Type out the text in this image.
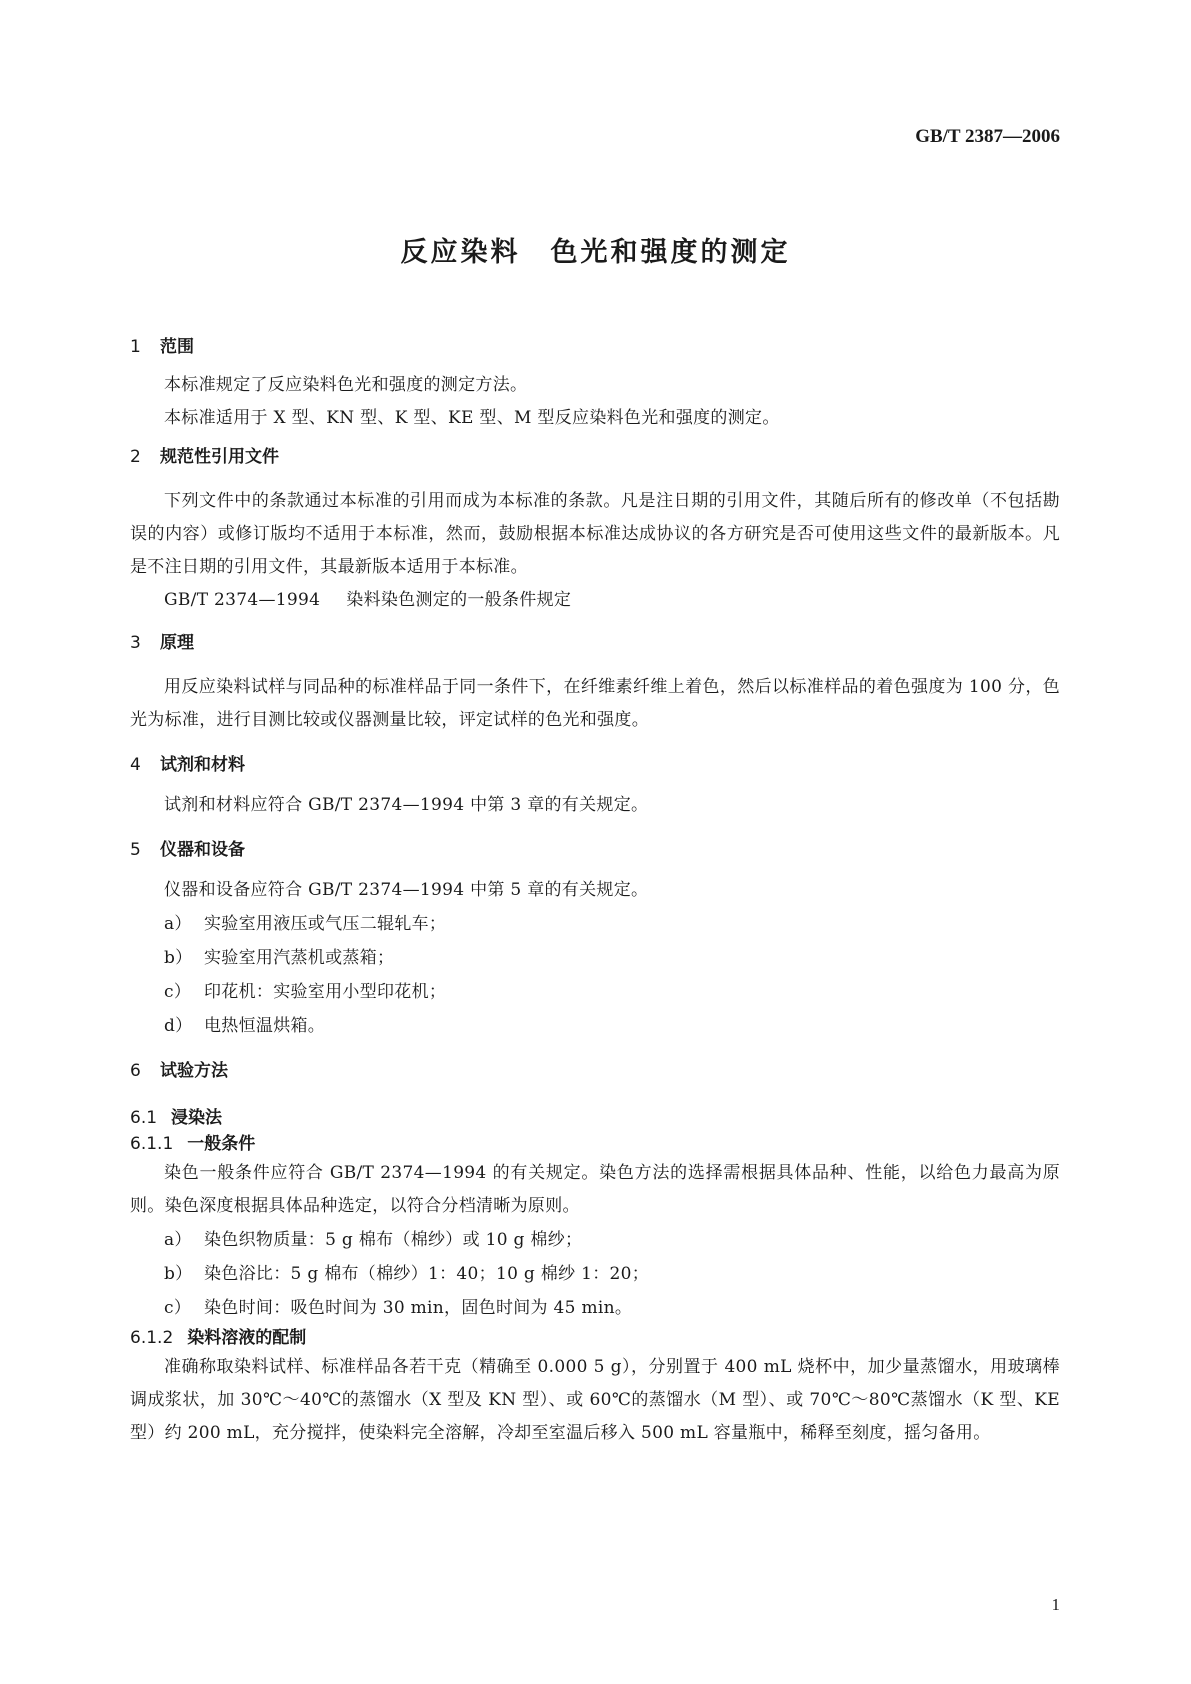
GB/T 2387—2006
反应染料　色光和强度的测定
1 范围

本标准规定了反应染料色光和强度的测定方法。

本标准适用于 X 型、KN 型、K 型、KE 型、M 型反应染料色光和强度的测定。

2 规范性引用文件

下列文件中的条款通过本标准的引用而成为本标准的条款。凡是注日期的引用文件，其随后所有的修改单（不包括勘误的内容）或修订版均不适用于本标准，然而，鼓励根据本标准达成协议的各方研究是否可使用这些文件的最新版本。凡是不注日期的引用文件，其最新版本适用于本标准。

GB/T 2374—1994 染料染色测定的一般条件规定

3 原理

用反应染料试样与同品种的标准样品于同一条件下，在纤维素纤维上着色，然后以标准样品的着色强度为 100 分，色光为标准，进行目测比较或仪器测量比较，评定试样的色光和强度。

4 试剂和材料

试剂和材料应符合 GB/T 2374—1994 中第 3 章的有关规定。

5 仪器和设备

仪器和设备应符合 GB/T 2374—1994 中第 5 章的有关规定。

a） 实验室用液压或气压二辊轧车；
b） 实验室用汽蒸机或蒸箱；
c） 印花机：实验室用小型印花机；
d） 电热恒温烘箱。
6 试验方法
6.1 浸染法
6.1.1 一般条件

染色一般条件应符合 GB/T 2374—1994 的有关规定。染色方法的选择需根据具体品种、性能，以给色力最高为原则。染色深度根据具体品种选定，以符合分档清晰为原则。

a） 染色织物质量：5 g 棉布（棉纱）或 10 g 棉纱；
b） 染色浴比：5 g 棉布（棉纱）1：40；10 g 棉纱 1：20；
c） 染色时间：吸色时间为 30 min，固色时间为 45 min。
6.1.2 染料溶液的配制

准确称取染料试样、标准样品各若干克（精确至 0.000 5 g），分别置于 400 mL 烧杯中，加少量蒸馏水，用玻璃棒调成浆状，加 30℃～40℃的蒸馏水（X 型及 KN 型）、或 60℃的蒸馏水（M 型）、或 70℃～80℃蒸馏水（K 型、KE 型）约 200 mL，充分搅拌，使染料完全溶解，冷却至室温后移入 500 mL 容量瓶中，稀释至刻度，摇匀备用。

1
